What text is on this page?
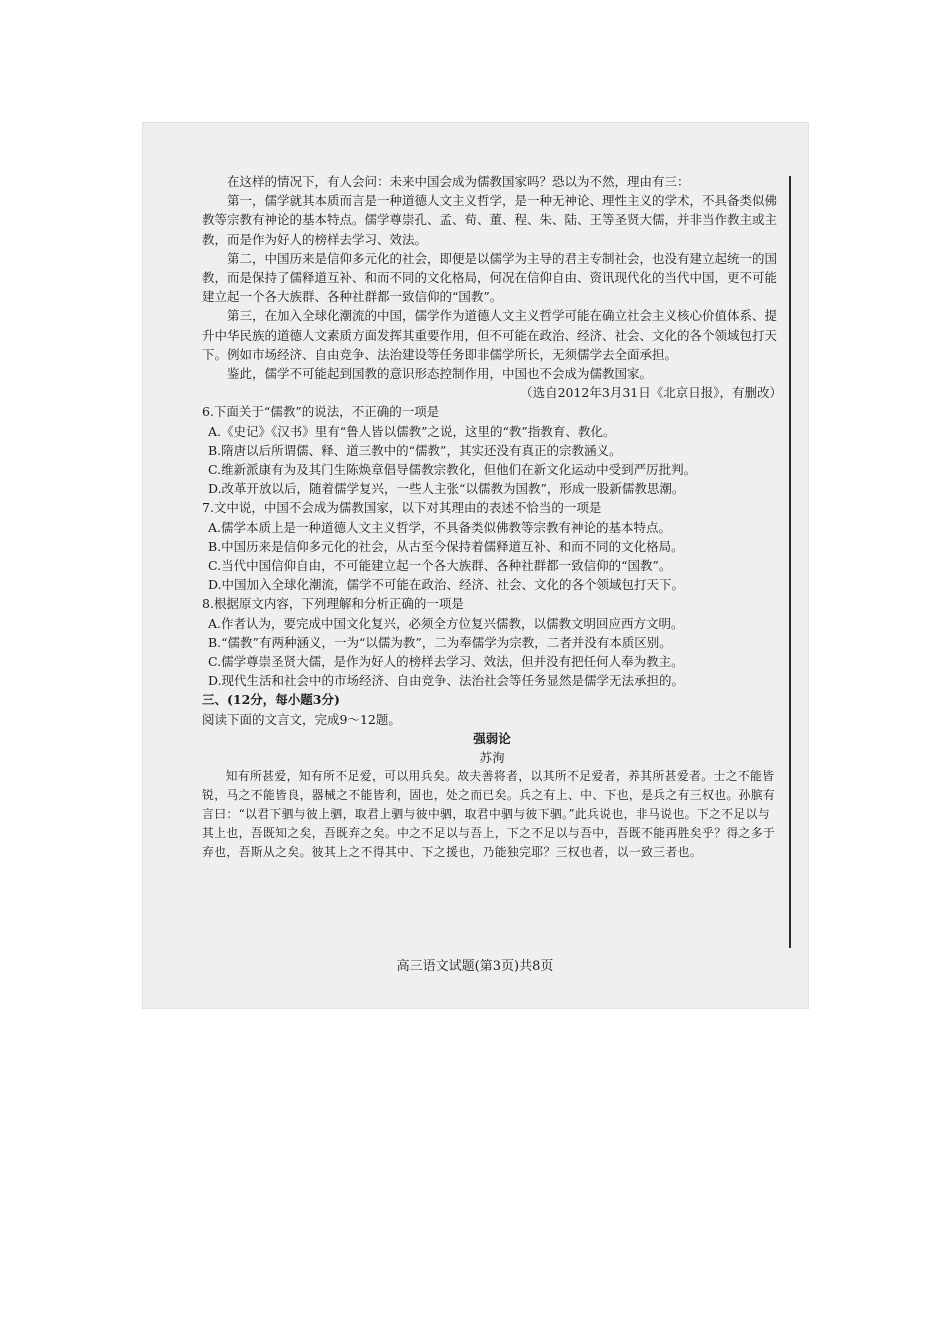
在这样的情况下，有人会问：未来中国会成为儒教国家吗？恐以为不然，理由有三：

第一，儒学就其本质而言是一种道德人文主义哲学，是一种无神论、理性主义的学术，不具备类似佛教等宗教有神论的基本特点。儒学尊崇孔、孟、荀、董、程、朱、陆、王等圣贤大儒，并非当作教主或主教，而是作为好人的榜样去学习、效法。

第二，中国历来是信仰多元化的社会，即便是以儒学为主导的君主专制社会，也没有建立起统一的国教，而是保持了儒释道互补、和而不同的文化格局，何况在信仰自由、资讯现代化的当代中国，更不可能建立起一个各大族群、各种社群都一致信仰的“国教”。

第三，在加入全球化潮流的中国，儒学作为道德人文主义哲学可能在确立社会主义核心价值体系、提升中华民族的道德人文素质方面发挥其重要作用，但不可能在政治、经济、社会、文化的各个领域包打天下。例如市场经济、自由竞争、法治建设等任务即非儒学所长，无须儒学去全面承担。

鉴此，儒学不可能起到国教的意识形态控制作用，中国也不会成为儒教国家。

（选自2012年3月31日《北京日报》，有删改）

6.下面关于“儒教”的说法，不正确的一项是

A.《史记》《汉书》里有“鲁人皆以儒教”之说，这里的“教”指教育、教化。

B.隋唐以后所谓儒、释、道三教中的“儒教”，其实还没有真正的宗教涵义。

C.维新派康有为及其门生陈焕章倡导儒教宗教化，但他们在新文化运动中受到严厉批判。

D.改革开放以后，随着儒学复兴，一些人主张“以儒教为国教”，形成一股新儒教思潮。

7.文中说，中国不会成为儒教国家，以下对其理由的表述不恰当的一项是

A.儒学本质上是一种道德人文主义哲学，不具备类似佛教等宗教有神论的基本特点。

B.中国历来是信仰多元化的社会，从古至今保持着儒释道互补、和而不同的文化格局。

C.当代中国信仰自由，不可能建立起一个各大族群、各种社群都一致信仰的“国教”。

D.中国加入全球化潮流，儒学不可能在政治、经济、社会、文化的各个领域包打天下。

8.根据原文内容，下列理解和分析正确的一项是

A.作者认为，要完成中国文化复兴，必须全方位复兴儒教，以儒教文明回应西方文明。

B.“儒教”有两种涵义，一为“以儒为教”，二为奉儒学为宗教，二者并没有本质区别。

C.儒学尊崇圣贤大儒，是作为好人的榜样去学习、效法，但并没有把任何人奉为教主。

D.现代生活和社会中的市场经济、自由竞争、法治社会等任务显然是儒学无法承担的。

三、(12分，每小题3分)

阅读下面的文言文，完成9～12题。

强弱论

苏洵

知有所甚爱，知有所不足爱，可以用兵矣。故夫善将者，以其所不足爱者，养其所甚爱者。士之不能皆锐，马之不能皆良，器械之不能皆利，固也，处之而已矣。兵之有上、中、下也，是兵之有三权也。孙膑有言曰：“以君下驷与彼上驷，取君上驷与彼中驷，取君中驷与彼下驷。”此兵说也，非马说也。下之不足以与其上也，吾既知之矣，吾既弃之矣。中之不足以与吾上，下之不足以与吾中，吾既不能再胜矣乎？得之多于弃也，吾斯从之矣。彼其上之不得其中、下之援也，乃能独完耶？三权也者，以一致三者也。

高三语文试题(第3页)共8页
